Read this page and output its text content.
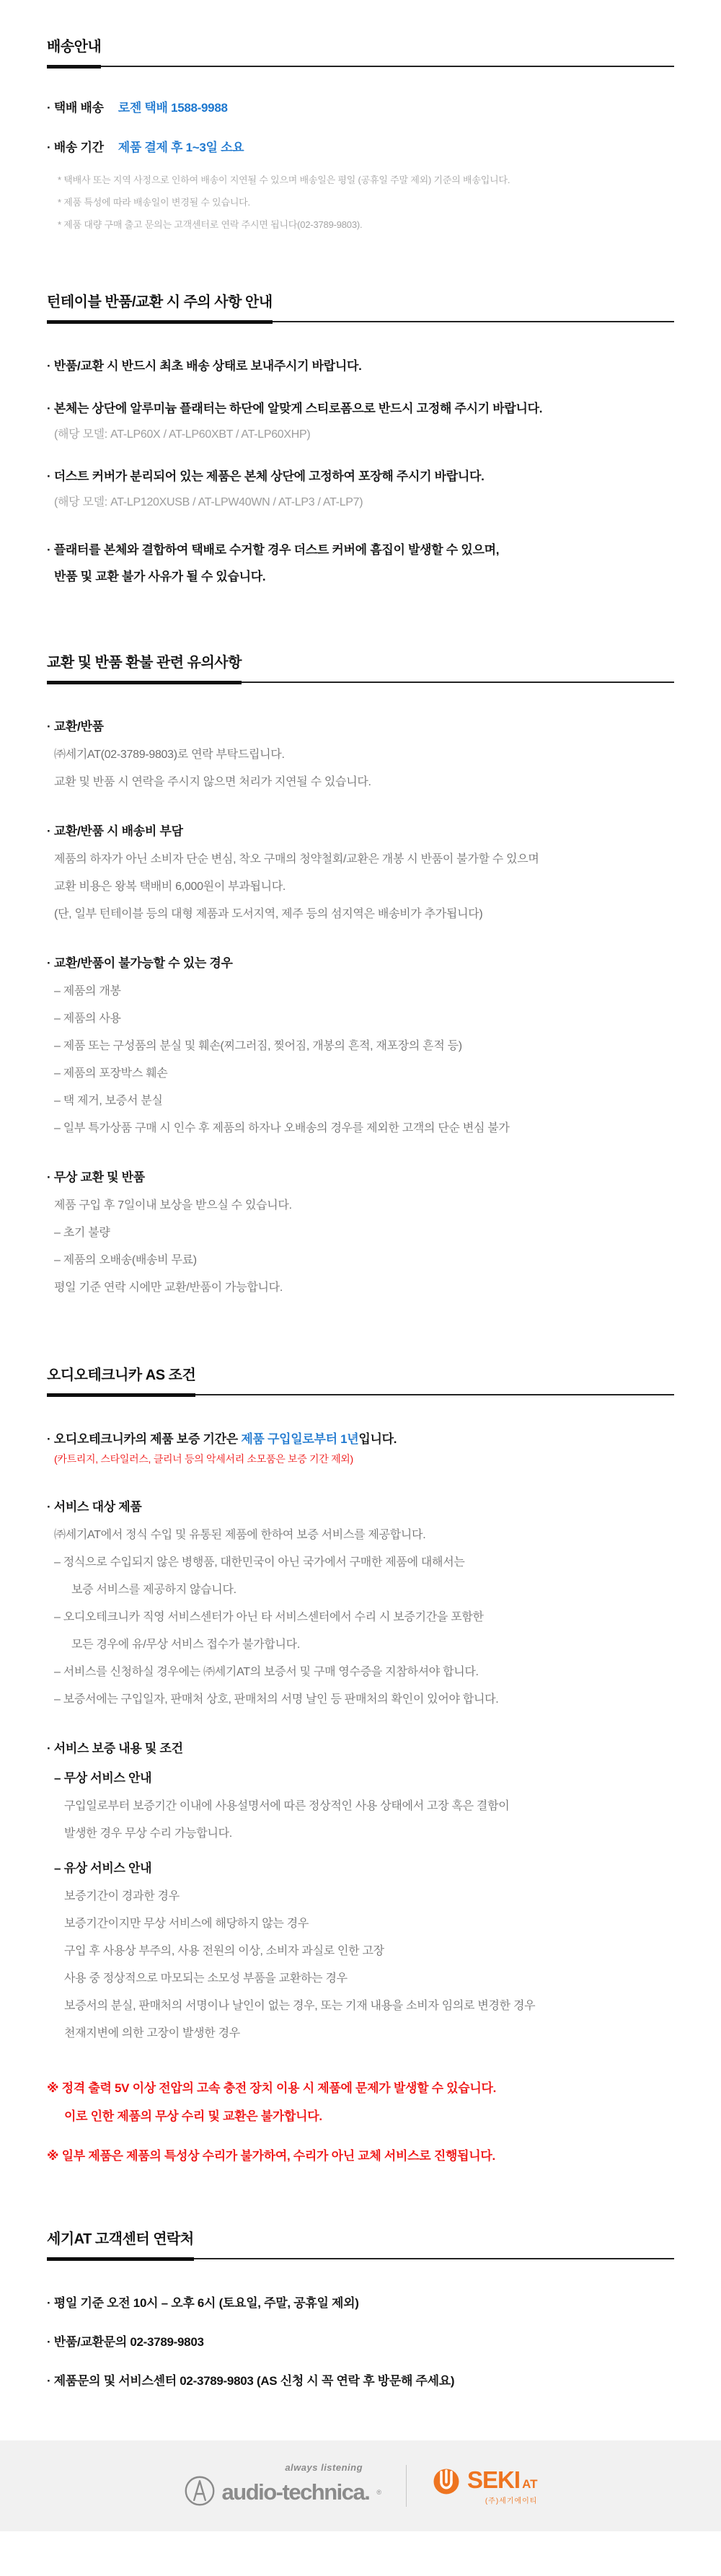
배송안내
· 택배 배송 로젠 택배 1588-9988
· 배송 기간 제품 결제 후 1~3일 소요
* 택배사 또는 지역 사정으로 인하여 배송이 지연될 수 있으며 배송일은 평일 (공휴일 주말 제외) 기준의 배송입니다.
* 제품 특성에 따라 배송일이 변경될 수 있습니다.
* 제품 대량 구매 출고 문의는 고객센터로 연락 주시면 됩니다(02-3789-9803).
턴테이블 반품/교환 시 주의 사항 안내
· 반품/교환 시 반드시 최초 배송 상태로 보내주시기 바랍니다.
· 본체는 상단에 알루미늄 플래터는 하단에 알맞게 스티로폼으로 반드시 고정해 주시기 바랍니다.
(해당 모델: AT-LP60X / AT-LP60XBT / AT-LP60XHP)
· 더스트 커버가 분리되어 있는 제품은 본체 상단에 고정하여 포장해 주시기 바랍니다.
(해당 모델: AT-LP120XUSB / AT-LPW40WN / AT-LP3 / AT-LP7)
· 플래터를 본체와 결합하여 택배로 수거할 경우 더스트 커버에 흠집이 발생할 수 있으며,
반품 및 교환 불가 사유가 될 수 있습니다.
교환 및 반품 환불 관련 유의사항
· 교환/반품
㈜세기AT(02-3789-9803)로 연락 부탁드립니다.
교환 및 반품 시 연락을 주시지 않으면 처리가 지연될 수 있습니다.
· 교환/반품 시 배송비 부담
제품의 하자가 아닌 소비자 단순 변심, 착오 구매의 청약철회/교환은 개봉 시 반품이 불가할 수 있으며
교환 비용은 왕복 택배비 6,000원이 부과됩니다.
(단, 일부 턴테이블 등의 대형 제품과 도서지역, 제주 등의 섬지역은 배송비가 추가됩니다)
· 교환/반품이 불가능할 수 있는 경우
– 제품의 개봉
– 제품의 사용
– 제품 또는 구성품의 분실 및 훼손(찌그러짐, 찢어짐, 개봉의 흔적, 재포장의 흔적 등)
– 제품의 포장박스 훼손
– 택 제거, 보증서 분실
– 일부 특가상품 구매 시 인수 후 제품의 하자나 오배송의 경우를 제외한 고객의 단순 변심 불가
· 무상 교환 및 반품
제품 구입 후 7일이내 보상을 받으실 수 있습니다.
– 초기 불량
– 제품의 오배송(배송비 무료)
평일 기준 연락 시에만 교환/반품이 가능합니다.
오디오테크니카 AS 조건
· 오디오테크니카의 제품 보증 기간은 제품 구입일로부터 1년입니다.
(카트리지, 스타일러스, 클리너 등의 악세서리 소모품은 보증 기간 제외)
· 서비스 대상 제품
㈜세기AT에서 정식 수입 및 유통된 제품에 한하여 보증 서비스를 제공합니다.
– 정식으로 수입되지 않은 병행품, 대한민국이 아닌 국가에서 구매한 제품에 대해서는
보증 서비스를 제공하지 않습니다.
– 오디오테크니카 직영 서비스센터가 아닌 타 서비스센터에서 수리 시 보증기간을 포함한
모든 경우에 유/무상 서비스 접수가 불가합니다.
– 서비스를 신청하실 경우에는 ㈜세기AT의 보증서 및 구매 영수증을 지참하셔야 합니다.
– 보증서에는 구입일자, 판매처 상호, 판매처의 서명 날인 등 판매처의 확인이 있어야 합니다.
· 서비스 보증 내용 및 조건
– 무상 서비스 안내
구입일로부터 보증기간 이내에 사용설명서에 따른 정상적인 사용 상태에서 고장 혹은 결함이
발생한 경우 무상 수리 가능합니다.
– 유상 서비스 안내
보증기간이 경과한 경우
보증기간이지만 무상 서비스에 해당하지 않는 경우
구입 후 사용상 부주의, 사용 전원의 이상, 소비자 과실로 인한 고장
사용 중 정상적으로 마모되는 소모성 부품을 교환하는 경우
보증서의 분실, 판매처의 서명이나 날인이 없는 경우, 또는 기재 내용을 소비자 임의로 변경한 경우
천재지변에 의한 고장이 발생한 경우
※ 정격 출력 5V 이상 전압의 고속 충전 장치 이용 시 제품에 문제가 발생할 수 있습니다.
이로 인한 제품의 무상 수리 및 교환은 불가합니다.
※ 일부 제품은 제품의 특성상 수리가 불가하여, 수리가 아닌 교체 서비스로 진행됩니다.
세기AT 고객센터 연락처
· 평일 기준 오전 10시 – 오후 6시 (토요일, 주말, 공휴일 제외)
· 반품/교환문의 02-3789-9803
· 제품문의 및 서비스센터 02-3789-9803 (AS 신청 시 꼭 연락 후 방문해 주세요)
always listening
audio-technica. ®	SEKI AT
(주)세기에이티
